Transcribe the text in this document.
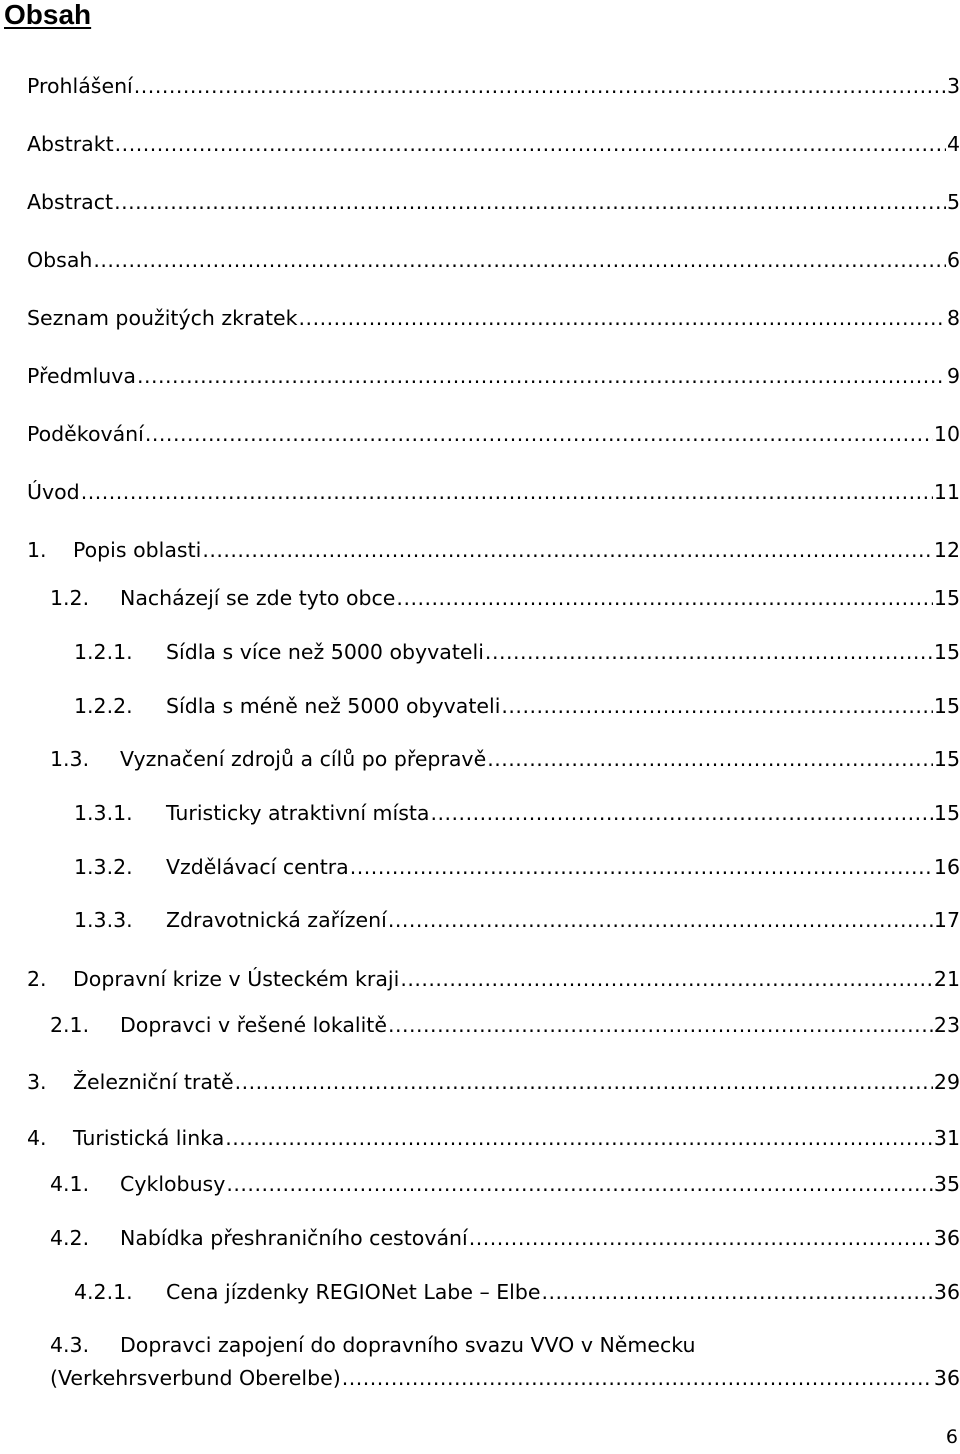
Obsah
Prohlášení .....	3
Abstrakt .....	4
Abstract .....	5
Obsah .....	6
Seznam použitých zkratek .....	8
Předmluva .....	9
Poděkování .....	10
Úvod .....	11
1.	Popis oblasti .....	12
1.2.	Nacházejí se zde tyto obce .....	15
1.2.1.	Sídla s více než 5000 obyvateli .....	15
1.2.2.	Sídla s méně než 5000 obyvateli .....	15
1.3.	Vyznačení zdrojů a cílů po přepravě .....	15
1.3.1.	Turisticky atraktivní místa .....	15
1.3.2.	Vzdělávací centra .....	16
1.3.3.	Zdravotnická zařízení .....	17
2.	Dopravní krize v Ústeckém kraji .....	21
2.1.	Dopravci v řešené lokalitě .....	23
3.	Železniční tratě .....	29
4.	Turistická linka .....	31
4.1.	Cyklobusy .....	35
4.2.	Nabídka přeshraničního cestování .....	36
4.2.1.	Cena jízdenky REGIONet Labe – Elbe .....	36
4.3.	Dopravci zapojení do dopravního svazu VVO v Německu
(Verkehrsverbund Oberelbe) .....	36
6
